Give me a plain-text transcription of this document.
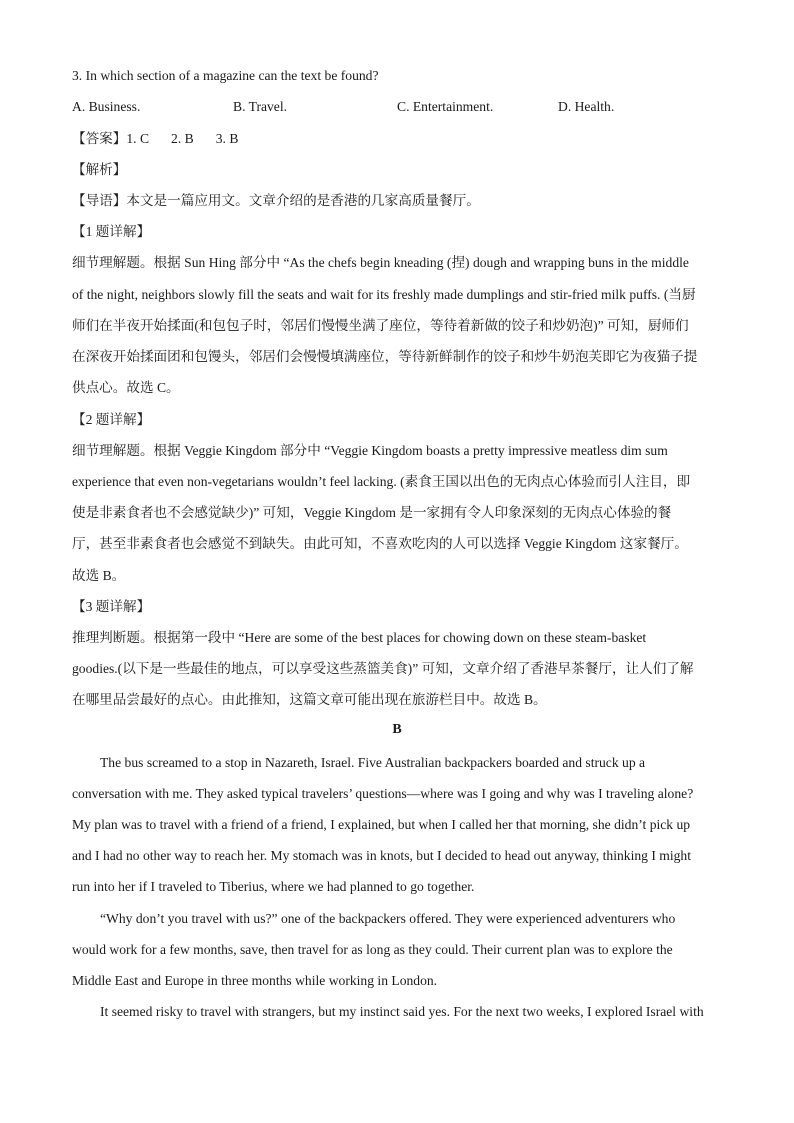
3. In which section of a magazine can the text be found?
A. Business.	B. Travel.	C. Entertainment.	D. Health.
【答案】1. C 2. B 3. B
【解析】
【导语】本文是一篇应用文。文章介绍的是香港的几家高质量餐厅。
【1 题详解】
细节理解题。根据 Sun Hing 部分中 “As the chefs begin kneading (捏) dough and wrapping buns in the middle
of the night, neighbors slowly fill the seats and wait for its freshly made dumplings and stir-fried milk puffs. (当厨
师们在半夜开始揉面(和包包子时，邻居们慢慢坐满了座位，等待着新做的饺子和炒奶泡)” 可知，厨师们
在深夜开始揉面团和包馒头，邻居们会慢慢填满座位，等待新鲜制作的饺子和炒牛奶泡芙即它为夜猫子提
供点心。故选 C。
【2 题详解】
细节理解题。根据 Veggie Kingdom 部分中 “Veggie Kingdom boasts a pretty impressive meatless dim sum
experience that even non-vegetarians wouldn’t feel lacking. (素食王国以出色的无肉点心体验而引人注目，即
使是非素食者也不会感觉缺少)” 可知，Veggie Kingdom 是一家拥有令人印象深刻的无肉点心体验的餐
厅，甚至非素食者也会感觉不到缺失。由此可知，不喜欢吃肉的人可以选择 Veggie Kingdom 这家餐厅。
故选 B。
【3 题详解】
推理判断题。根据第一段中 “Here are some of the best places for chowing down on these steam-basket
goodies.(以下是一些最佳的地点，可以享受这些蒸篮美食)” 可知，文章介绍了香港早茶餐厅，让人们了解
在哪里品尝最好的点心。由此推知，这篇文章可能出现在旅游栏目中。故选 B。
B
The bus screamed to a stop in Nazareth, Israel. Five Australian backpackers boarded and struck up a
conversation with me. They asked typical travelers’ questions—where was I going and why was I traveling alone?
My plan was to travel with a friend of a friend, I explained, but when I called her that morning, she didn’t pick up
and I had no other way to reach her. My stomach was in knots, but I decided to head out anyway, thinking I might
run into her if I traveled to Tiberius, where we had planned to go together.
“Why don’t you travel with us?” one of the backpackers offered. They were experienced adventurers who
would work for a few months, save, then travel for as long as they could. Their current plan was to explore the
Middle East and Europe in three months while working in London.
It seemed risky to travel with strangers, but my instinct said yes. For the next two weeks, I explored Israel with
